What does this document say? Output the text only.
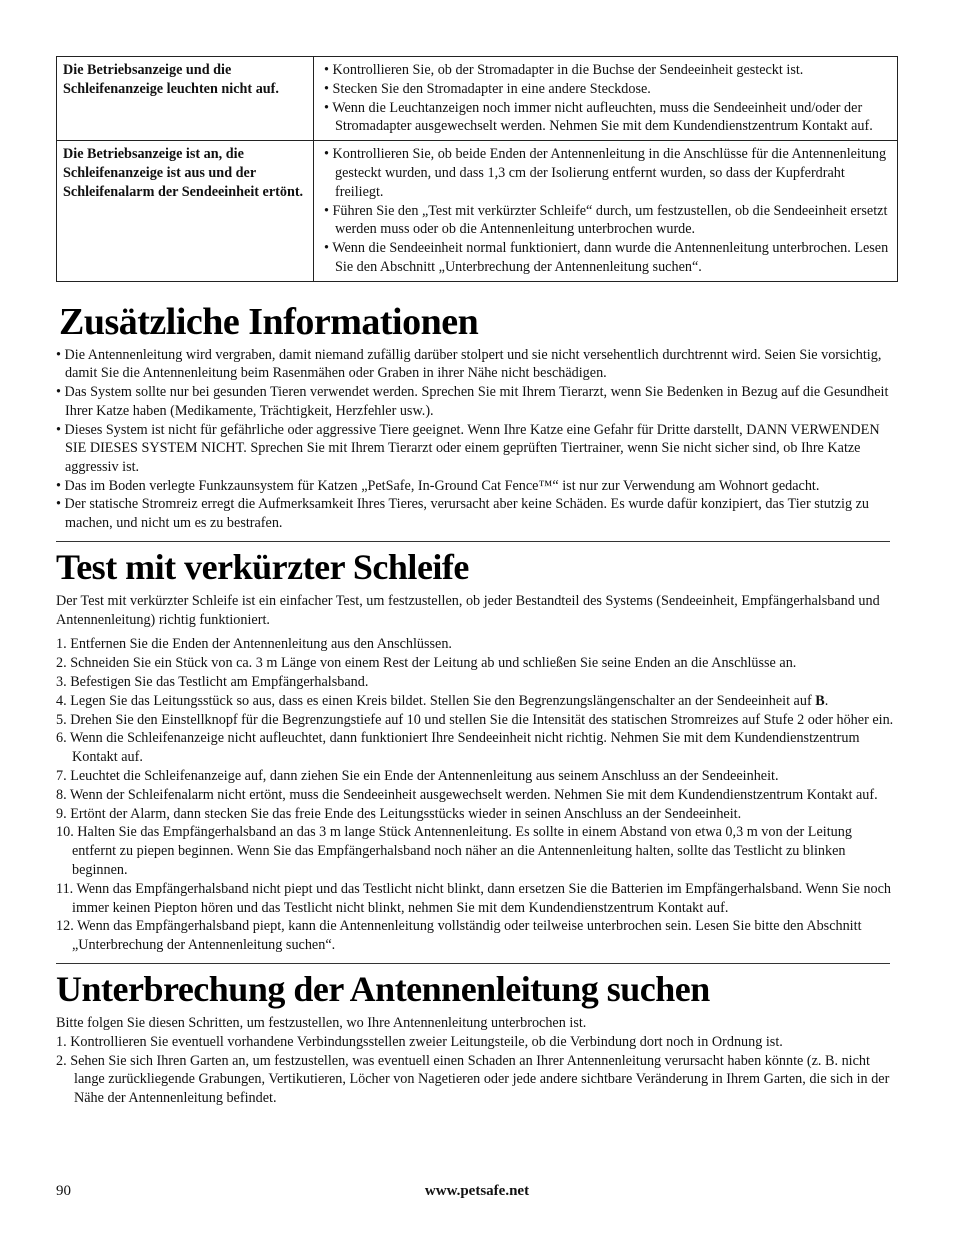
Die Betriebsanzeige und die Schleifenanzeige leuchten nicht auf.	• Kontrollieren Sie, ob der Stromadapter in die Buchse der Sendeeinheit gesteckt ist.
• Stecken Sie den Stromadapter in eine andere Steckdose.
• Wenn die Leuchtanzeigen noch immer nicht aufleuchten, muss die Sendeeinheit und/oder der Stromadapter ausgewechselt werden. Nehmen Sie mit dem Kundendienstzentrum Kontakt auf.

Die Betriebsanzeige ist an, die Schleifenanzeige ist aus und der Schleifenalarm der Sendeeinheit ertönt.	• Kontrollieren Sie, ob beide Enden der Antennenleitung in die Anschlüsse für die Antennenleitung gesteckt wurden, und dass 1,3 cm der Isolierung entfernt wurden, so dass der Kupferdraht freiliegt.
• Führen Sie den „Test mit verkürzter Schleife“ durch, um festzustellen, ob die Sendeeinheit ersetzt werden muss oder ob die Antennenleitung unterbrochen wurde.
• Wenn die Sendeeinheit normal funktioniert, dann wurde die Antennenleitung unterbrochen. Lesen Sie den Abschnitt „Unterbrechung der Antennenleitung suchen“.
Zusätzliche Informationen
• Die Antennenleitung wird vergraben, damit niemand zufällig darüber stolpert und sie nicht versehentlich durchtrennt wird. Seien Sie vorsichtig, damit Sie die Antennenleitung beim Rasenmähen oder Graben in ihrer Nähe nicht beschädigen.
• Das System sollte nur bei gesunden Tieren verwendet werden. Sprechen Sie mit Ihrem Tierarzt, wenn Sie Bedenken in Bezug auf die Gesundheit Ihrer Katze haben (Medikamente, Trächtigkeit, Herzfehler usw.).
• Dieses System ist nicht für gefährliche oder aggressive Tiere geeignet. Wenn Ihre Katze eine Gefahr für Dritte darstellt, DANN VERWENDEN SIE DIESES SYSTEM NICHT. Sprechen Sie mit Ihrem Tierarzt oder einem geprüften Tiertrainer, wenn Sie nicht sicher sind, ob Ihre Katze aggressiv ist.
• Das im Boden verlegte Funkzaunsystem für Katzen „PetSafe, In-Ground Cat Fence™“ ist nur zur Verwendung am Wohnort gedacht.
• Der statische Stromreiz erregt die Aufmerksamkeit Ihres Tieres, verursacht aber keine Schäden. Es wurde dafür konzipiert, das Tier stutzig zu machen, und nicht um es zu bestrafen.
Test mit verkürzter Schleife
Der Test mit verkürzter Schleife ist ein einfacher Test, um festzustellen, ob jeder Bestandteil des Systems (Sendeeinheit, Empfängerhalsband und Antennenleitung) richtig funktioniert.
1. Entfernen Sie die Enden der Antennenleitung aus den Anschlüssen.
2. Schneiden Sie ein Stück von ca. 3 m Länge von einem Rest der Leitung ab und schließen Sie seine Enden an die Anschlüsse an.
3. Befestigen Sie das Testlicht am Empfängerhalsband.
4. Legen Sie das Leitungsstück so aus, dass es einen Kreis bildet. Stellen Sie den Begrenzungslängenschalter an der Sendeeinheit auf B.
5. Drehen Sie den Einstellknopf für die Begrenzungstiefe auf 10 und stellen Sie die Intensität des statischen Stromreizes auf Stufe 2 oder höher ein.
6. Wenn die Schleifenanzeige nicht aufleuchtet, dann funktioniert Ihre Sendeeinheit nicht richtig. Nehmen Sie mit dem Kundendienstzentrum Kontakt auf.
7. Leuchtet die Schleifenanzeige auf, dann ziehen Sie ein Ende der Antennenleitung aus seinem Anschluss an der Sendeeinheit.
8. Wenn der Schleifenalarm nicht ertönt, muss die Sendeeinheit ausgewechselt werden. Nehmen Sie mit dem Kundendienstzentrum Kontakt auf.
9. Ertönt der Alarm, dann stecken Sie das freie Ende des Leitungsstücks wieder in seinen Anschluss an der Sendeeinheit.
10. Halten Sie das Empfängerhalsband an das 3 m lange Stück Antennenleitung. Es sollte in einem Abstand von etwa 0,3 m von der Leitung entfernt zu piepen beginnen. Wenn Sie das Empfängerhalsband noch näher an die Antennenleitung halten, sollte das Testlicht zu blinken beginnen.
11. Wenn das Empfängerhalsband nicht piept und das Testlicht nicht blinkt, dann ersetzen Sie die Batterien im Empfängerhalsband. Wenn Sie noch immer keinen Piepton hören und das Testlicht nicht blinkt, nehmen Sie mit dem Kundendienstzentrum Kontakt auf.
12. Wenn das Empfängerhalsband piept, kann die Antennenleitung vollständig oder teilweise unterbrochen sein. Lesen Sie bitte den Abschnitt „Unterbrechung der Antennenleitung suchen“.
Unterbrechung der Antennenleitung suchen
Bitte folgen Sie diesen Schritten, um festzustellen, wo Ihre Antennenleitung unterbrochen ist.
1. Kontrollieren Sie eventuell vorhandene Verbindungsstellen zweier Leitungsteile, ob die Verbindung dort noch in Ordnung ist.
2. Sehen Sie sich Ihren Garten an, um festzustellen, was eventuell einen Schaden an Ihrer Antennenleitung verursacht haben könnte (z. B. nicht lange zurückliegende Grabungen, Vertikutieren, Löcher von Nagetieren oder jede andere sichtbare Veränderung in Ihrem Garten, die sich in der Nähe der Antennenleitung befindet.
90	www.petsafe.net
